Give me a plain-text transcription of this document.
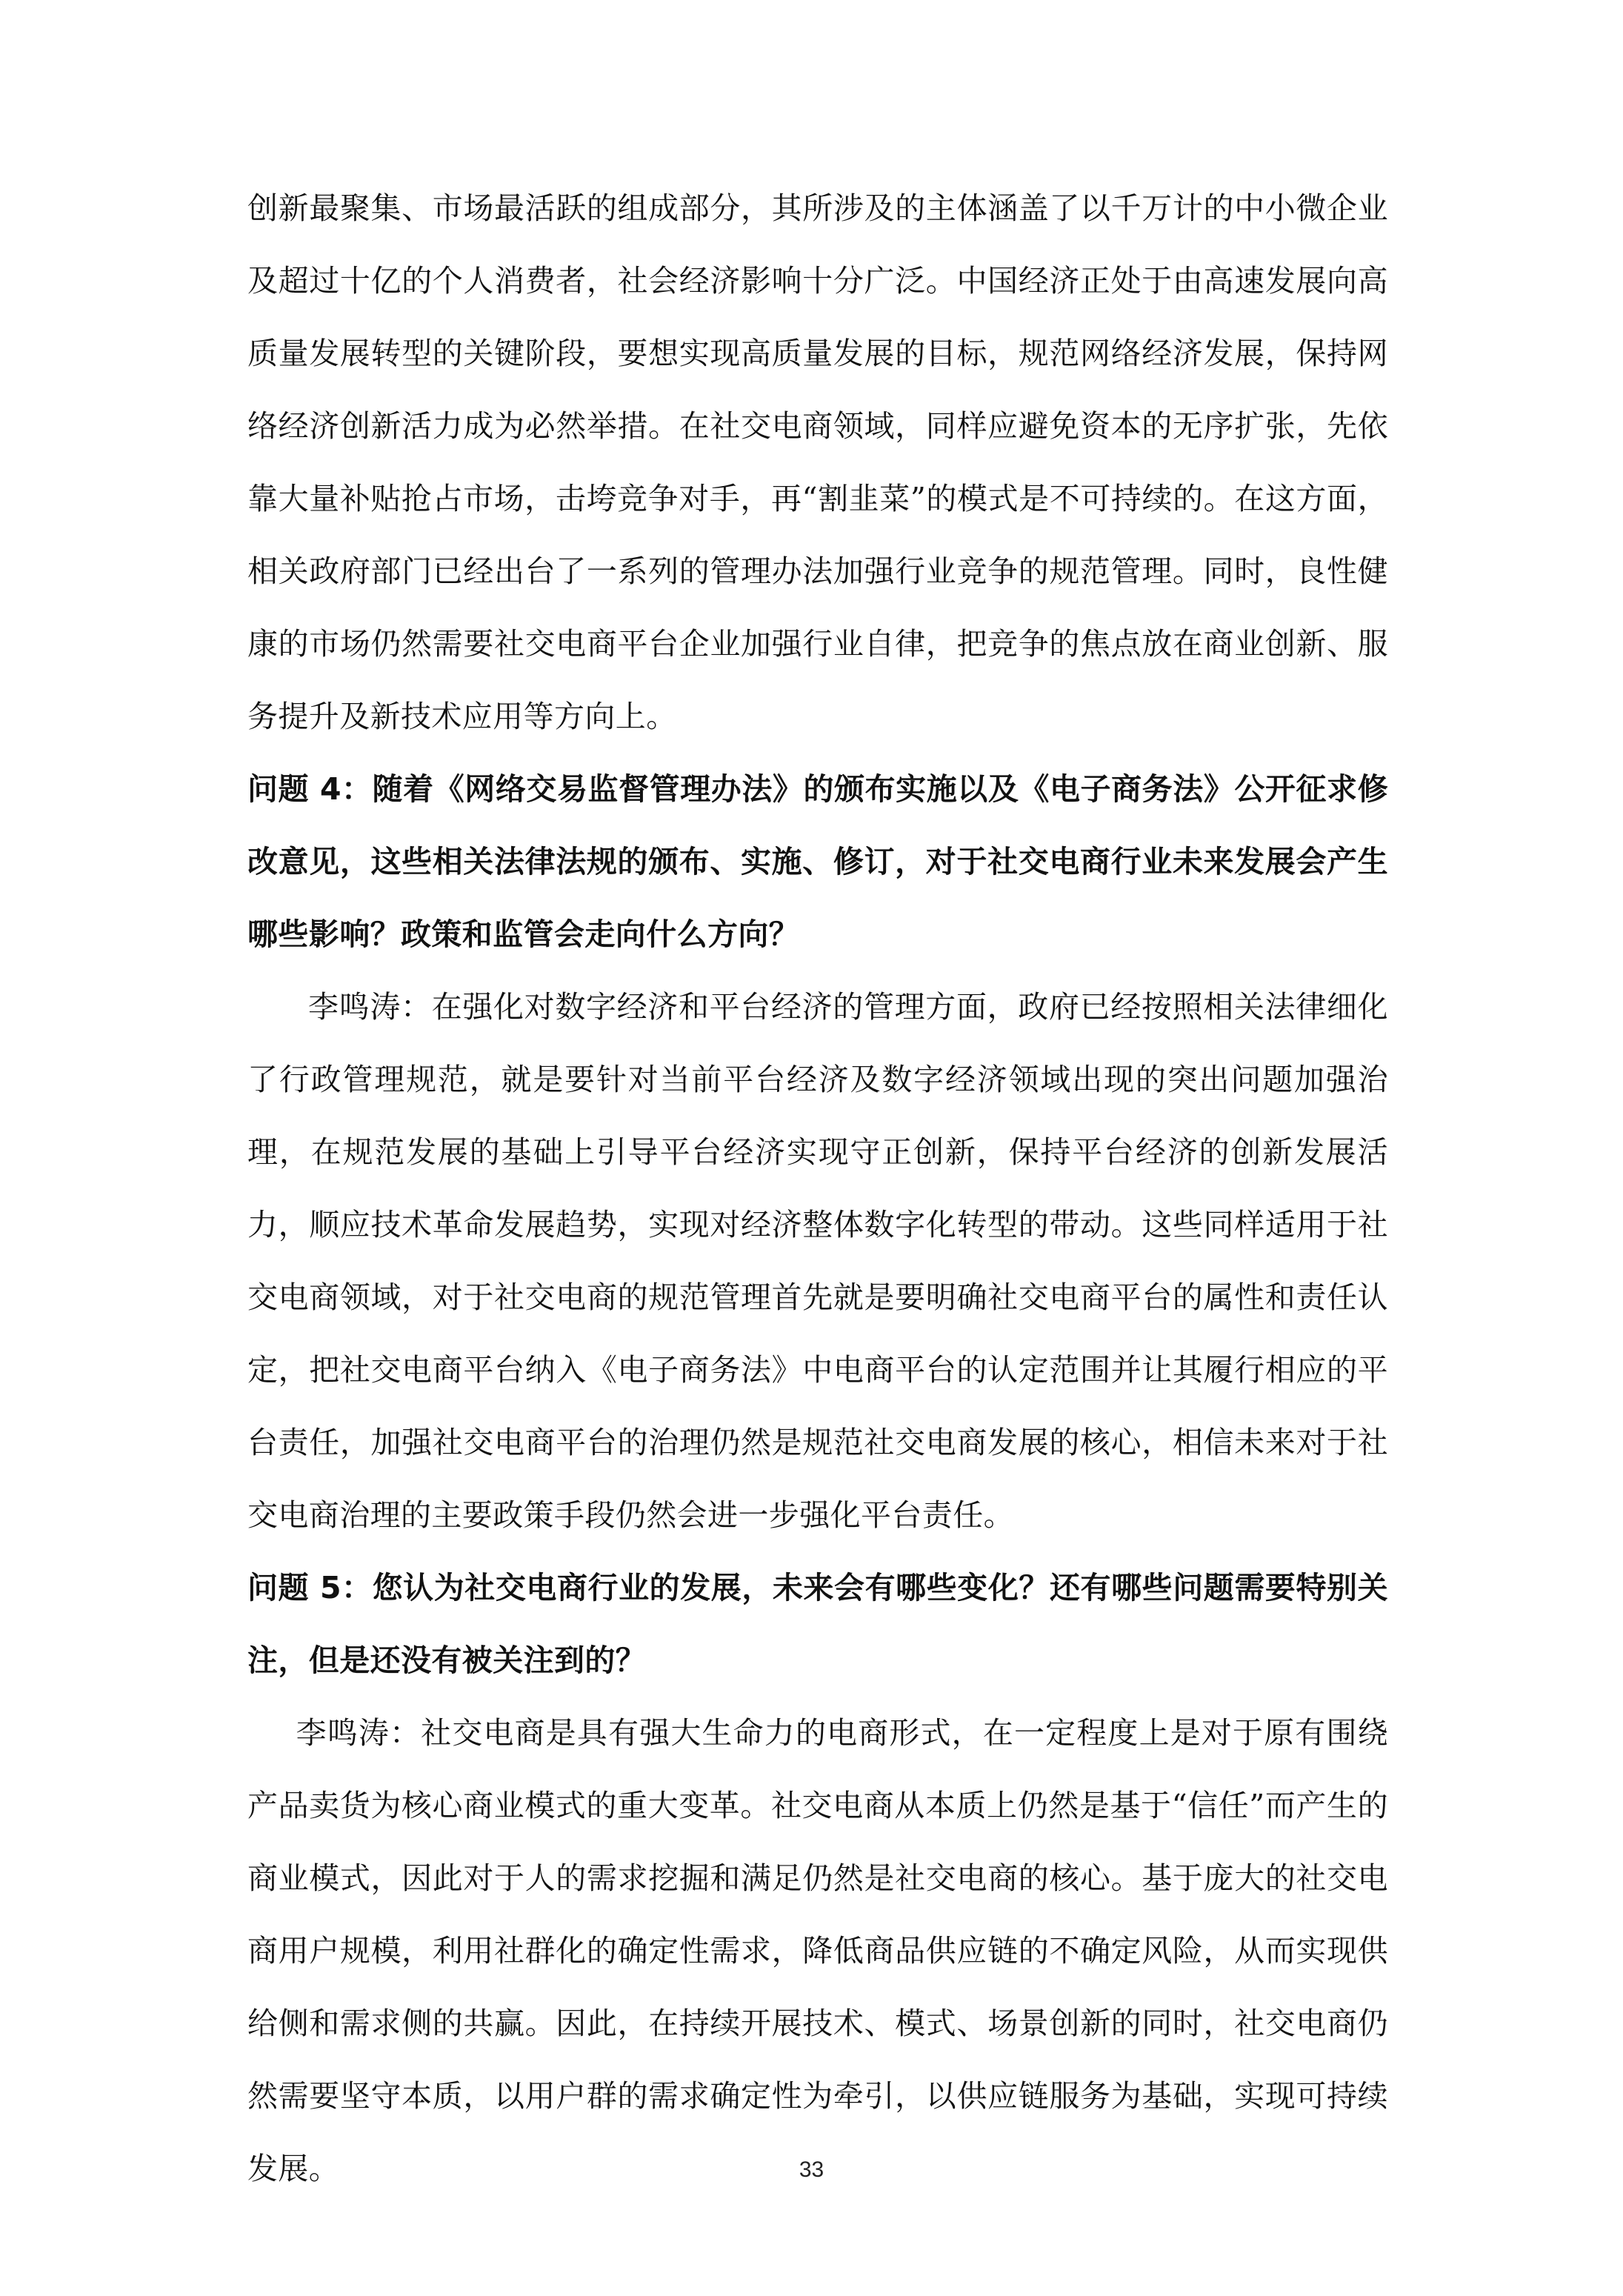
创新最聚集、市场最活跃的组成部分，其所涉及的主体涵盖了以千万计的中小微企业及超过十亿的个人消费者，社会经济影响十分广泛。中国经济正处于由高速发展向高质量发展转型的关键阶段，要想实现高质量发展的目标，规范网络经济发展，保持网络经济创新活力成为必然举措。在社交电商领域，同样应避免资本的无序扩张，先依靠大量补贴抢占市场，击垮竞争对手，再“割韭菜”的模式是不可持续的。在这方面，相关政府部门已经出台了一系列的管理办法加强行业竞争的规范管理。同时，良性健康的市场仍然需要社交电商平台企业加强行业自律，把竞争的焦点放在商业创新、服务提升及新技术应用等方向上。

问题 4：随着《网络交易监督管理办法》的颁布实施以及《电子商务法》公开征求修改意见，这些相关法律法规的颁布、实施、修订，对于社交电商行业未来发展会产生哪些影响？政策和监管会走向什么方向？

李鸣涛：在强化对数字经济和平台经济的管理方面，政府已经按照相关法律细化了行政管理规范，就是要针对当前平台经济及数字经济领域出现的突出问题加强治理，在规范发展的基础上引导平台经济实现守正创新，保持平台经济的创新发展活力，顺应技术革命发展趋势，实现对经济整体数字化转型的带动。这些同样适用于社交电商领域，对于社交电商的规范管理首先就是要明确社交电商平台的属性和责任认定，把社交电商平台纳入《电子商务法》中电商平台的认定范围并让其履行相应的平台责任，加强社交电商平台的治理仍然是规范社交电商发展的核心，相信未来对于社交电商治理的主要政策手段仍然会进一步强化平台责任。

问题 5：您认为社交电商行业的发展，未来会有哪些变化？还有哪些问题需要特别关注，但是还没有被关注到的？

李鸣涛：社交电商是具有强大生命力的电商形式，在一定程度上是对于原有围绕产品卖货为核心商业模式的重大变革。社交电商从本质上仍然是基于“信任”而产生的商业模式，因此对于人的需求挖掘和满足仍然是社交电商的核心。基于庞大的社交电商用户规模，利用社群化的确定性需求，降低商品供应链的不确定风险，从而实现供给侧和需求侧的共赢。因此，在持续开展技术、模式、场景创新的同时，社交电商仍然需要坚守本质，以用户群的需求确定性为牵引，以供应链服务为基础，实现可持续发展。	33
